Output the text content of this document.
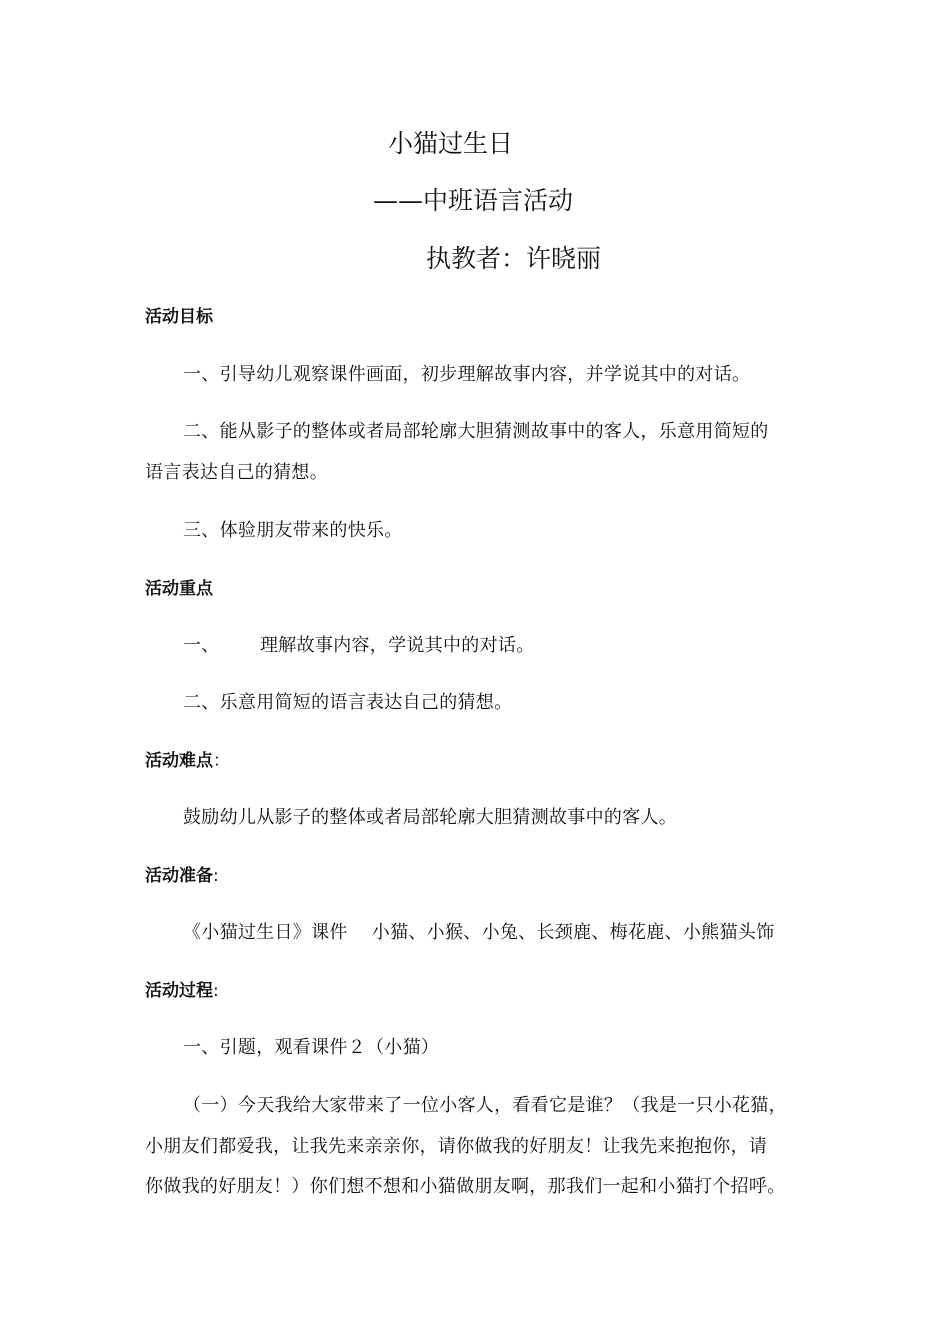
小猫过生日
——中班语言活动
执教者：许晓丽
活动目标
一、引导幼儿观察课件画面，初步理解故事内容，并学说其中的对话。
二、能从影子的整体或者局部轮廓大胆猜测故事中的客人，乐意用简短的
语言表达自己的猜想。
三、体验朋友带来的快乐。
活动重点
一、 理解故事内容，学说其中的对话。
二、乐意用简短的语言表达自己的猜想。
活动难点：
鼓励幼儿从影子的整体或者局部轮廓大胆猜测故事中的客人。
活动准备:
《小猫过生日》课件    小猫、小猴、小兔、长颈鹿、梅花鹿、小熊猫头饰
活动过程:
一、引题，观看课件２（小猫）
（一）今天我给大家带来了一位小客人，看看它是谁？（我是一只小花猫，
小朋友们都爱我，让我先来亲亲你，请你做我的好朋友！让我先来抱抱你，请
你做我的好朋友！）你们想不想和小猫做朋友啊，那我们一起和小猫打个招呼。
